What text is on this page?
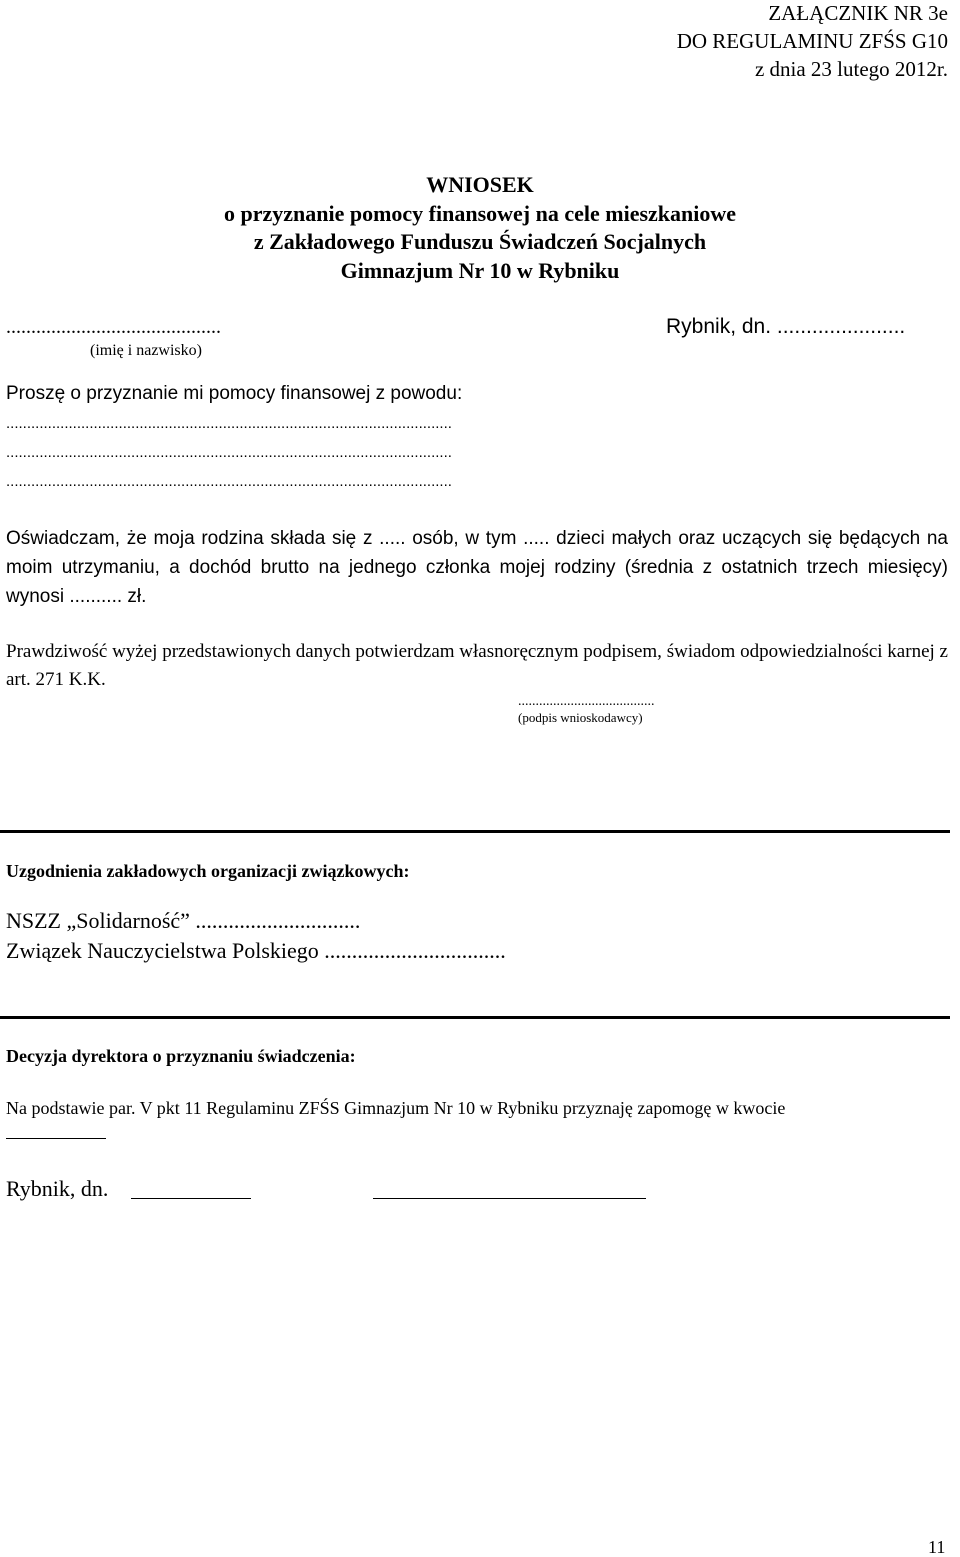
ZAŁĄCZNIK NR 3e
DO REGULAMINU ZFŚS G10
z dnia 23 lutego 2012r.
WNIOSEK
o przyznanie pomocy finansowej na cele mieszkaniowe
z Zakładowego Funduszu Świadczeń Socjalnych
Gimnazjum Nr 10 w Rybniku
...........................................
(imię i nazwisko)
Rybnik, dn. ......................
Proszę o przyznanie mi pomocy finansowej z powodu:
...........................................................................................................
...........................................................................................................
...........................................................................................................
Oświadczam, że moja rodzina składa się z ..... osób, w tym ..... dzieci małych oraz uczących się będących na moim utrzymaniu, a dochód brutto na jednego członka mojej rodziny (średnia z ostatnich trzech miesięcy) wynosi .......... zł.
Prawdziwość wyżej przedstawionych danych potwierdzam własnoręcznym podpisem, świadom odpowiedzialności karnej z art. 271 K.K.
.......................................
(podpis wnioskodawcy)
Uzgodnienia zakładowych organizacji związkowych:
NSZZ „Solidarność” ..............................
Związek Nauczycielstwa Polskiego .................................
Decyzja dyrektora o przyznaniu świadczenia:
Na podstawie par. V pkt 11 Regulaminu ZFŚS Gimnazjum Nr 10 w Rybniku przyznaję zapomogę w kwocie
Rybnik, dn.
11
